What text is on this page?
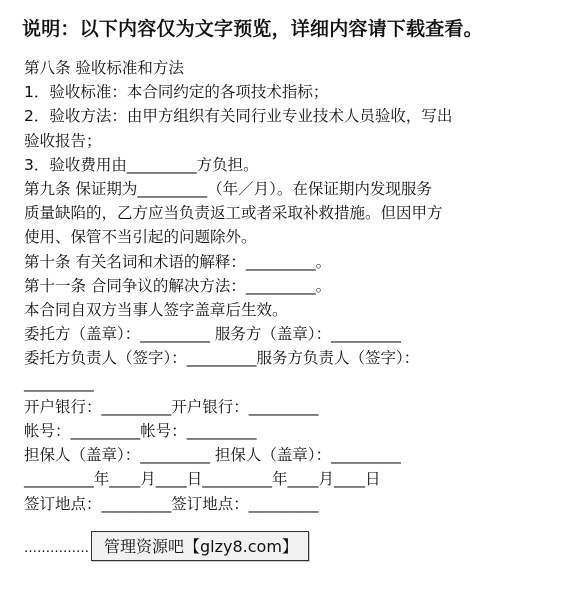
说明：以下内容仅为文字预览，详细内容请下载查看。
第八条 验收标准和方法
1．验收标准：本合同约定的各项技术指标；
2．验收方法：由甲方组织有关同行业专业技术人员验收，写出
验收报告；
3．验收费用由_________方负担。
第九条 保证期为_________（年／月）。在保证期内发现服务
质量缺陷的，乙方应当负责返工或者采取补救措施。但因甲方
使用、保管不当引起的问题除外。
第十条 有关名词和术语的解释：_________。
第十一条 合同争议的解决方法：_________。
本合同自双方当事人签字盖章后生效。
委托方（盖章）：_________ 服务方（盖章）：_________
委托方负责人（签字）：_________服务方负责人（签字）：
_________
开户银行：_________开户银行：_________
帐号：_________帐号：_________
担保人（盖章）：_________ 担保人（盖章）：_________
_________年____月____日_________年____月____日
签订地点：_________签订地点：_________
…………… 管理资源吧【glzy8.com】
